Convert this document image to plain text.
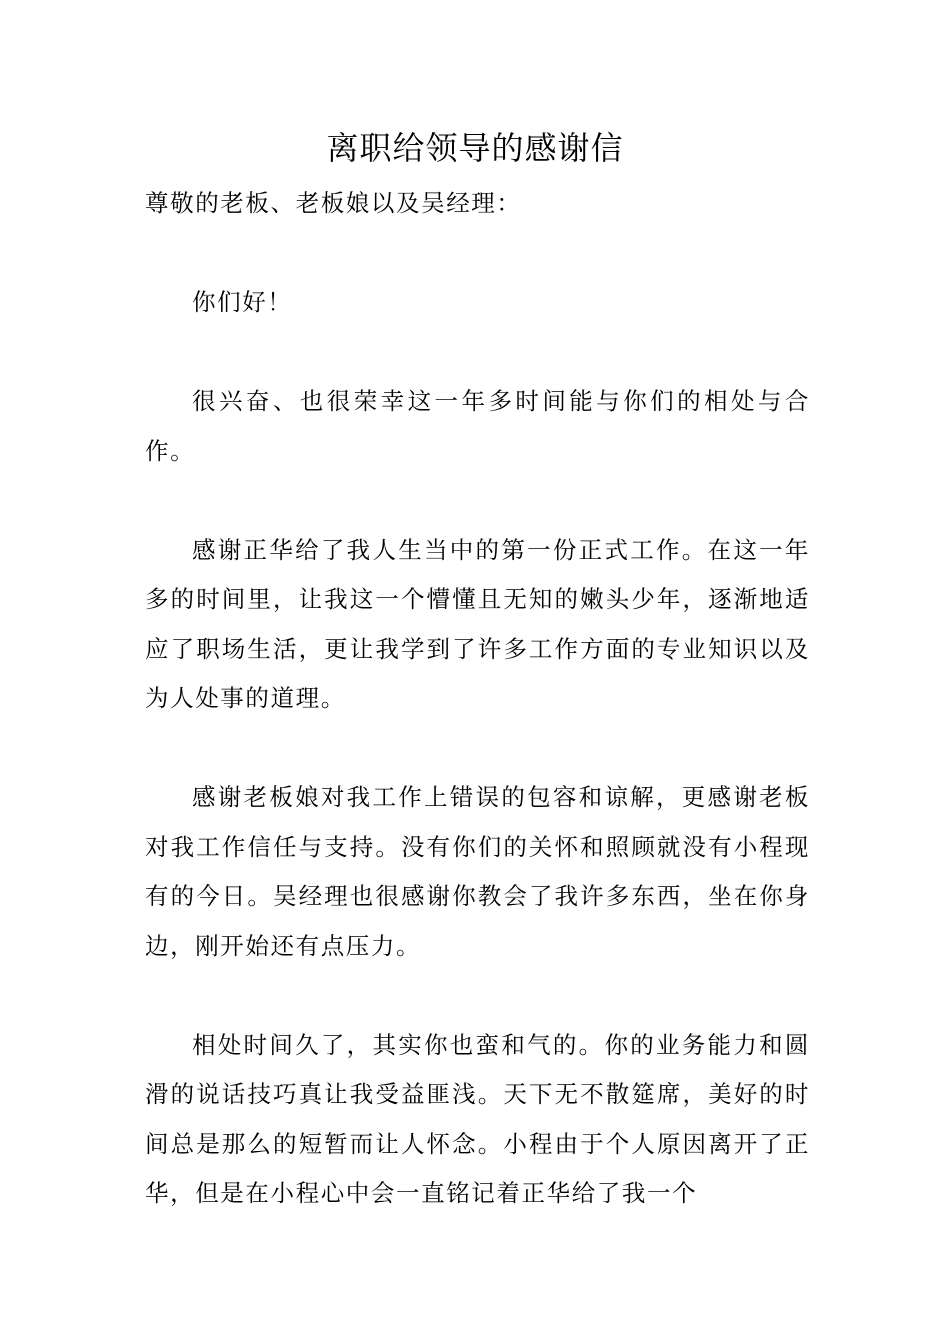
离职给领导的感谢信

尊敬的老板、老板娘以及吴经理：

你们好！

很兴奋、也很荣幸这一年多时间能与你们的相处与合作。

感谢正华给了我人生当中的第一份正式工作。在这一年多的时间里，让我这一个懵懂且无知的嫩头少年，逐渐地适应了职场生活，更让我学到了许多工作方面的专业知识以及为人处事的道理。

感谢老板娘对我工作上错误的包容和谅解，更感谢老板对我工作信任与支持。没有你们的关怀和照顾就没有小程现有的今日。吴经理也很感谢你教会了我许多东西，坐在你身边，刚开始还有点压力。

相处时间久了，其实你也蛮和气的。你的业务能力和圆滑的说话技巧真让我受益匪浅。天下无不散筵席，美好的时间总是那么的短暂而让人怀念。小程由于个人原因离开了正华，但是在小程心中会一直铭记着正华给了我一个
